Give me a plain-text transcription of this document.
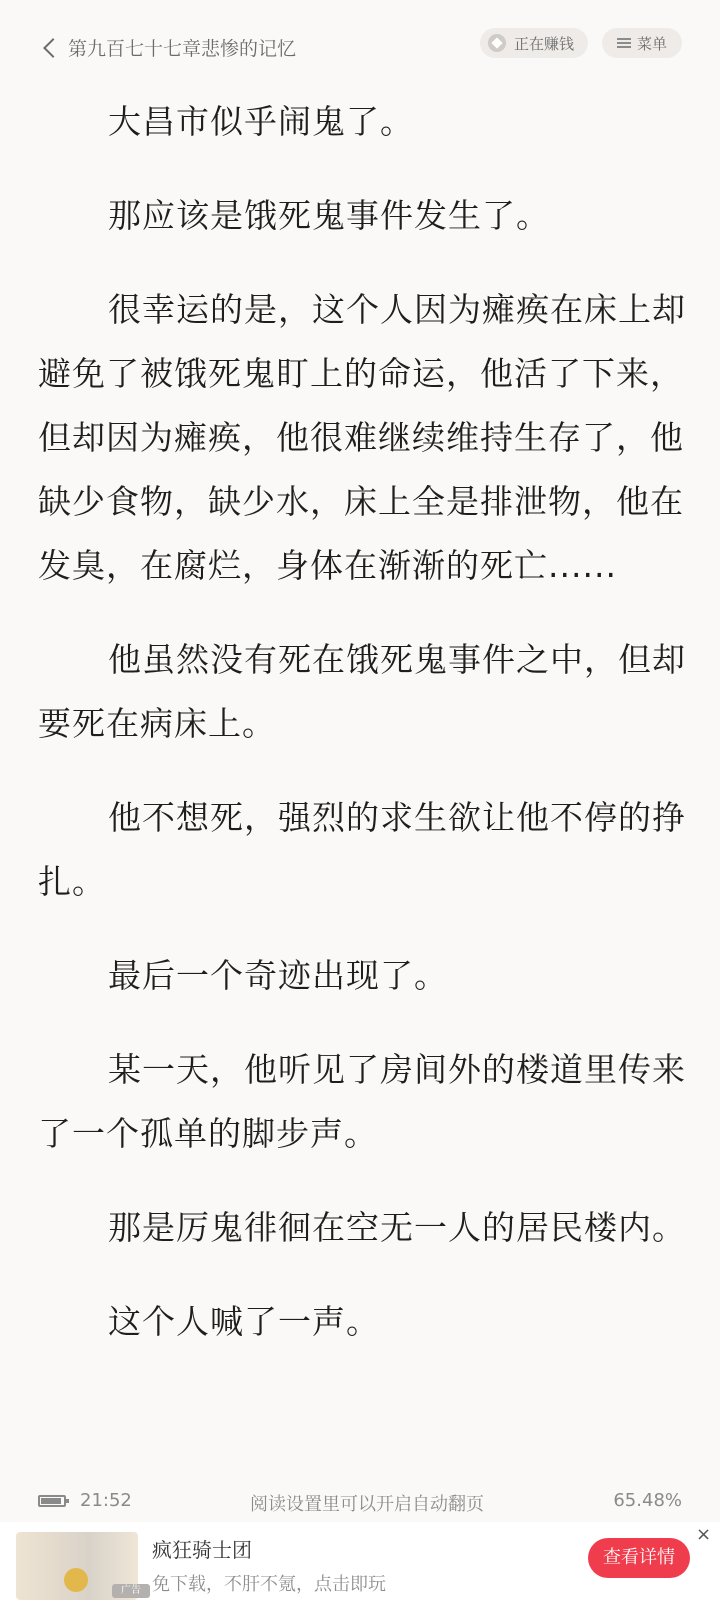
第九百七十七章悲惨的记忆	正在赚钱	菜单

大昌市似乎闹鬼了。

那应该是饿死鬼事件发生了。

很幸运的是，这个人因为瘫痪在床上却避免了被饿死鬼盯上的命运，他活了下来，但却因为瘫痪，他很难继续维持生存了，他缺少食物，缺少水，床上全是排泄物，他在发臭，在腐烂，身体在渐渐的死亡......

他虽然没有死在饿死鬼事件之中，但却要死在病床上。

他不想死，强烈的求生欲让他不停的挣扎。

最后一个奇迹出现了。

某一天，他听见了房间外的楼道里传来了一个孤单的脚步声。

那是厉鬼徘徊在空无一人的居民楼内。

这个人喊了一声。

21:52	阅读设置里可以开启自动翻页	65.48%
广告
疯狂骑士团
免下载，不肝不氪，点击即玩
查看详情
×
